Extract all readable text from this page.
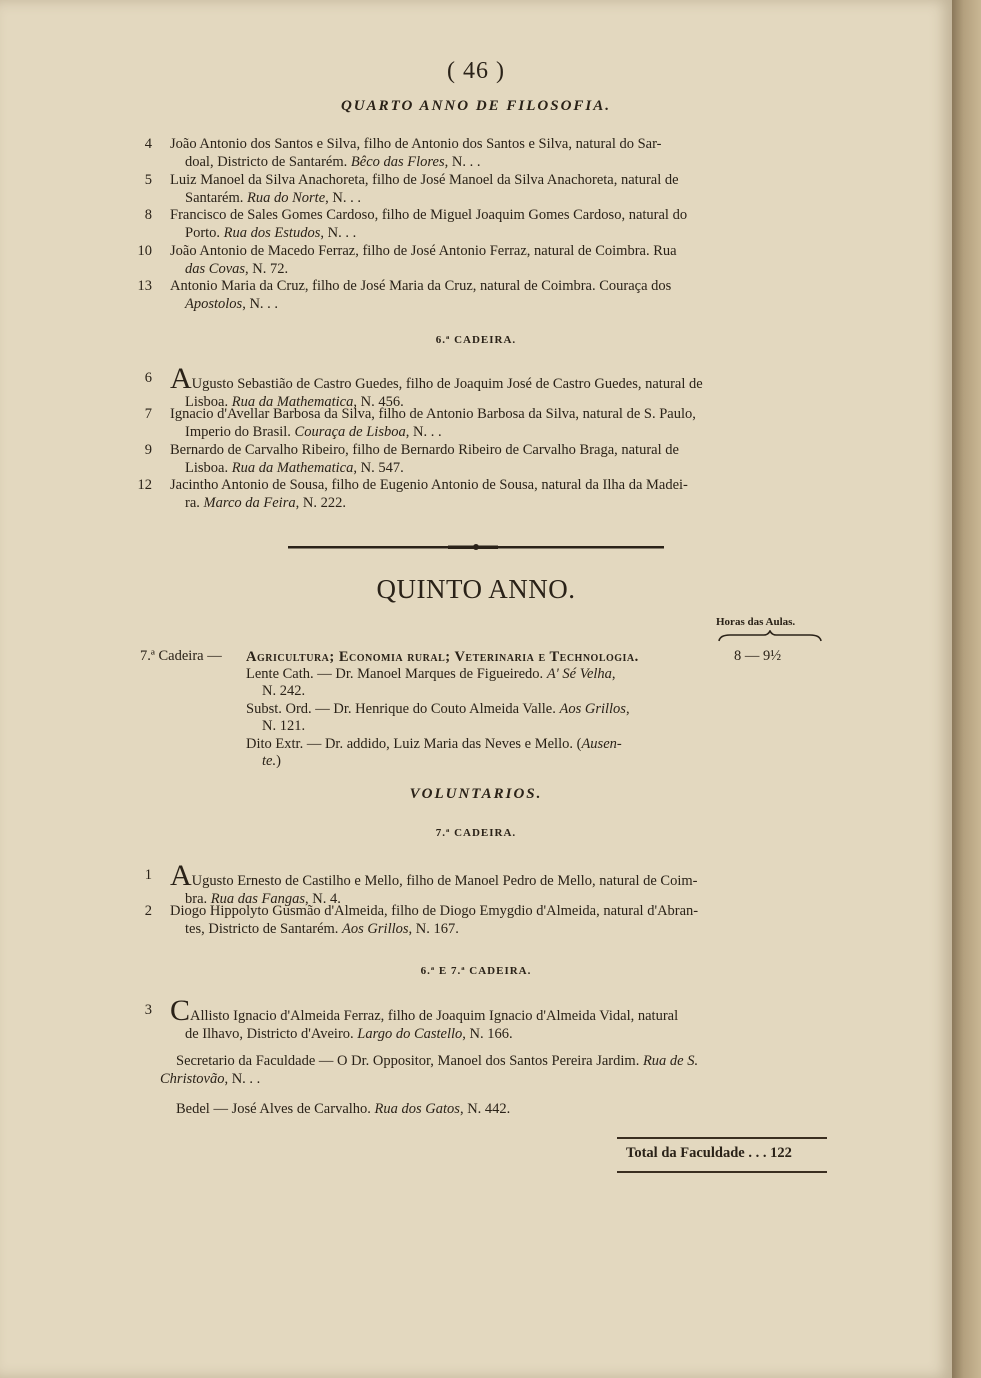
( 46 )
QUARTO ANNO DE FILOSOFIA.
4 João Antonio dos Santos e Silva, filho de Antonio dos Santos e Silva, natural do Sar-
doal, Districto de Santarém. Bêco das Flores, N. . .
5 Luiz Manoel da Silva Anachoreta, filho de José Manoel da Silva Anachoreta, natural de
Santarém. Rua do Norte, N. . .
8 Francisco de Sales Gomes Cardoso, filho de Miguel Joaquim Gomes Cardoso, natural do
Porto. Rua dos Estudos, N. . .
10 João Antonio de Macedo Ferraz, filho de José Antonio Ferraz, natural de Coimbra. Rua
das Covas, N. 72.
13 Antonio Maria da Cruz, filho de José Maria da Cruz, natural de Coimbra. Couraça dos
Apostolos, N. . .
6.ª CADEIRA.
6 AUgusto Sebastião de Castro Guedes, filho de Joaquim José de Castro Guedes, natural de
Lisboa. Rua da Mathematica, N. 456.
7 Ignacio d'Avellar Barbosa da Silva, filho de Antonio Barbosa da Silva, natural de S. Paulo,
Imperio do Brasil. Couraça de Lisboa, N. . .
9 Bernardo de Carvalho Ribeiro, filho de Bernardo Ribeiro de Carvalho Braga, natural de
Lisboa. Rua da Mathematica, N. 547.
12 Jacintho Antonio de Sousa, filho de Eugenio Antonio de Sousa, natural da Ilha da Madei-
ra. Marco da Feira, N. 222.
QUINTO ANNO.
Horas das Aulas.
7.ª Cadeira — Agricultura; Economia rural; Veterinaria e Technologia.	8 — 9½
Lente Cath. — Dr. Manoel Marques de Figueiredo. A' Sé Velha,
N. 242.
Subst. Ord. — Dr. Henrique do Couto Almeida Valle. Aos Grillos,
N. 121.
Dito Extr. — Dr. addido, Luiz Maria das Neves e Mello. (Ausen-
te.)
VOLUNTARIOS.
7.ª CADEIRA.
1 AUgusto Ernesto de Castilho e Mello, filho de Manoel Pedro de Mello, natural de Coim-
bra. Rua das Fangas, N. 4.
2 Diogo Hippolyto Gusmão d'Almeida, filho de Diogo Emygdio d'Almeida, natural d'Abran-
tes, Districto de Santarém. Aos Grillos, N. 167.
6.ª E 7.ª CADEIRA.
3 CAllisto Ignacio d'Almeida Ferraz, filho de Joaquim Ignacio d'Almeida Vidal, natural
de Ilhavo, Districto d'Aveiro. Largo do Castello, N. 166.
Secretario da Faculdade — O Dr. Oppositor, Manoel dos Santos Pereira Jardim. Rua de S.
Christovão, N. . .
Bedel — José Alves de Carvalho. Rua dos Gatos, N. 442.
Total da Faculdade . . . 122
